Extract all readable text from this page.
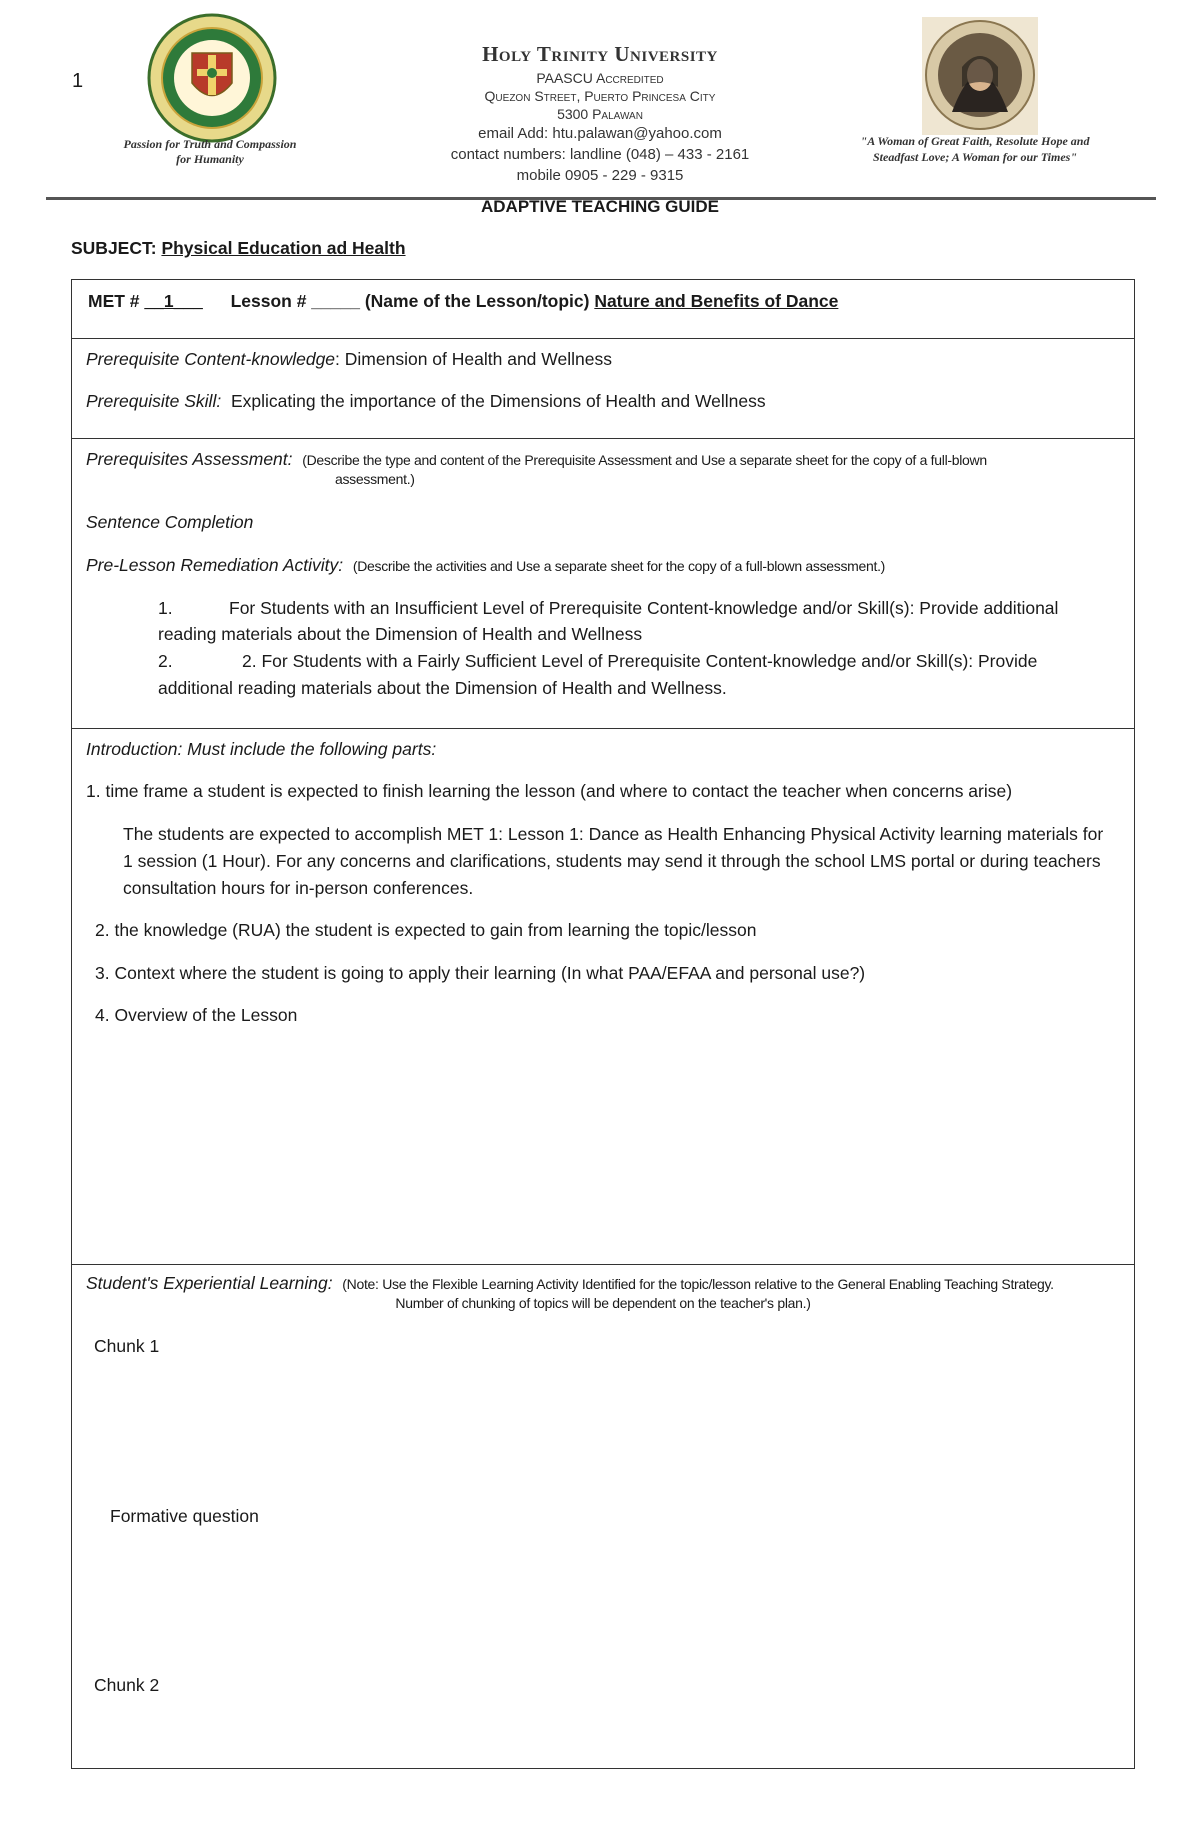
1
Passion for Truth and Compassion for Humanity
Holy Trinity University
PAASCU Accredited
Quezon Street, Puerto Princesa City
5300 Palawan
email Add: htu.palawan@yahoo.com
contact numbers: landline (048) – 433 - 2161
mobile 0905 - 229 - 9315
"A Woman of Great Faith, Resolute Hope and Steadfast Love; A Woman for our Times"
ADAPTIVE TEACHING GUIDE
SUBJECT: Physical Education ad Health
MET # __1___ Lesson # _____ (Name of the Lesson/topic) Nature and Benefits of Dance
Prerequisite Content-knowledge: Dimension of Health and Wellness
Prerequisite Skill: Explicating the importance of the Dimensions of Health and Wellness
Prerequisites Assessment: (Describe the type and content of the Prerequisite Assessment and Use a separate sheet for the copy of a full-blown
assessment.)
Sentence Completion
Pre-Lesson Remediation Activity: (Describe the activities and Use a separate sheet for the copy of a full-blown assessment.)
1.	For Students with an Insufficient Level of Prerequisite Content-knowledge and/or Skill(s): Provide additional
reading materials about the Dimension of Health and Wellness
2.	2. For Students with a Fairly Sufficient Level of Prerequisite Content-knowledge and/or Skill(s): Provide
additional reading materials about the Dimension of Health and Wellness.
Introduction: Must include the following parts:
1. time frame a student is expected to finish learning the lesson (and where to contact the teacher when concerns arise)
The students are expected to accomplish MET 1: Lesson 1: Dance as Health Enhancing Physical Activity learning materials for
1 session (1 Hour). For any concerns and clarifications, students may send it through the school LMS portal or during teachers
consultation hours for in-person conferences.
2. the knowledge (RUA) the student is expected to gain from learning the topic/lesson
3. Context where the student is going to apply their learning (In what PAA/EFAA and personal use?)
4. Overview of the Lesson
Student's Experiential Learning: (Note: Use the Flexible Learning Activity Identified for the topic/lesson relative to the General Enabling Teaching Strategy.
Number of chunking of topics will be dependent on the teacher's plan.)
Chunk 1
Formative question
Chunk 2
